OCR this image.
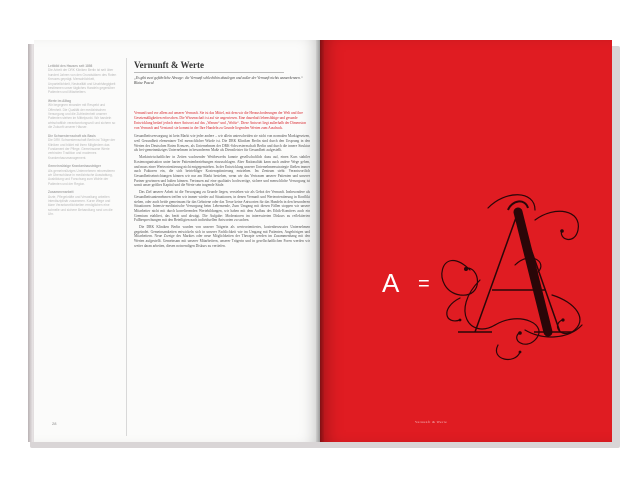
Leitbild des Hauses seit 1898
Die Arbeit der DRK Kliniken Berlin ist seit über hundert Jahren von den Grundsätzen des Roten Kreuzes geprägt. Menschlichkeit, Unparteilichkeit, Neutralität und Unabhängigkeit bestimmen unser tägliches Handeln gegenüber Patienten und Mitarbeitern.
Werte im Alltag
Wir begegnen einander mit Respekt und Offenheit. Die Qualität der medizinischen Versorgung und die Zufriedenheit unserer Patienten stehen im Mittelpunkt. Wir handeln wirtschaftlich verantwortungsvoll und sichern so die Zukunft unserer Häuser.
Die Schwesternschaft als Basis
Die DRK Schwesternschaft Berlin ist Träger der Kliniken und bildet mit ihren Mitgliedern das Fundament der Pflege. Gemeinsame Werte verbinden Tradition und modernes Krankenhausmanagement.
Gemeinnützige Krankenhausträger
Als gemeinnütziges Unternehmen reinvestieren wir Überschüsse in medizinische Ausstattung, Ausbildung und Forschung zum Wohle der Patienten und der Region.
Zusammenarbeit
Ärzte, Pflegekräfte und Verwaltung arbeiten interdisziplinär zusammen. Kurze Wege und klare Verantwortlichkeiten ermöglichen eine schnelle und sichere Behandlung rund um die Uhr.
Vernunft & Werte
„Es gibt zwei gefährliche Abwege: die Vernunft schlechthin abzulegen und außer der Vernunft nichts anzuerkennen.“ Blaise Pascal
Vernunft und vor allem auf unserer Vernunft. Sie ist das Mittel, mit dem wir die Herausforderungen der Welt und ihre Gesetzmäßigkeiten erforschen. Die Wissenschaft ist auf sie angewiesen. Eine dauerhaft lebensfähige und gesunde Entwicklung bedarf jedoch einer Antwort auf das „Warum“ und „Wofür“. Diese Antwort liegt außerhalb der Dimension von Vernunft und Verstand: sie kommt in der Ihre Handeln zu Grunde liegenden Werten zum Ausdruck.

Gesundheitsversorgung ist kein Markt wie jeder andere – wir allein unterscheiden sie nicht von normalen Marktgesetzen, weil Gesundheit elementarer Teil menschlicher Würde ist. Die DRK Kliniken Berlin sind durch den Ursprung in den Werten des Deutschen Roten Kreuzes, als Unternehmen der DRK-Schwesternschaft Berlin und durch die innere Struktur als frei-gemeinnütziges Unternehmen in besonderem Maße als Dienstleister für Gesundheit aufgestellt.

Marktwirtschaftlicher in Zeiten wachsender Wettbewerbs konnte gesellschaftlich dazu auf, einen Kurs stabiler Kostenorganisation unter harter Patientenbeziehungen einzuschlagen. Aber Rationalität kann auch andere Wege gehen, und muss einer Werteorientierung nicht entgegenstehen. In der Entwicklung unserer Unternehmensstrategie fließen immer auch Faktoren ein, die sich betriebliger Kostenoptimierung entziehen. Im Zentrum steht: Verantwortlich Gesundheitseinrichtungen können wir nur am Markt bestehen, wenn wir das Vertrauen unserer Patienten und unserer Partner gewinnen und halten können. Vertrauen auf eine qualitativ hochwertige, sichere und menschliche Versorgung ist somit unser größtes Kapital und die Werte sein tragende Säule.

Das Ziel unserer Arbeit ist die Versorgung zu Grunde liegen, verstehen wir als Gebot der Vernunft. Insbesondere als Gesundheitsunternehmen treffen wir immer wieder auf Situationen, in denen Vernunft und Werteorientierung in Konflikt stehen, oder auch beide gemeinsam für das Gebotene oder das Treue keine Antworten für das Handeln in den besonderen Situationen: Intensiv-medizinische Versorgung beim Lebensende, Zum Umgang mit diesen Fällen stoppen wir unsere Mitarbeiter nicht mit durch korrelierenden Wertebildungen, wir haben mit dem Aufbau des Ethik-Komitees auch ein Gremium etabliert, das berät und abwägt. Die Aufgabe: Moderatoren im interessierten Diskurs zu reflektierten Fallbesprechungen mit den Beteiligten nach individuellen Antworten zu suchen.

Die DRK Kliniken Berlin wurden von unserer Trägerin als werteorientiertes, kostenbewusstes Unternehmen gegründet. Gemeinsamkeiten entwickeln sich in unserer Fachlichkeit wie im Umgang mit Patienten, Angehörigen und Mitarbeitern. Neue Zweige des Marktes oder neue Möglichkeiten der Therapie werden im Zusammenhang mit den Werten aufgestellt. Gemeinsam mit unserer Mitarbeitern, unserer Trägerin und in gesellschaftlichen Foren werden wir weiter daran arbeiten, diesen notwendigen Diskurs zu vertiefen.

28
A =
Vernunft & Werte
